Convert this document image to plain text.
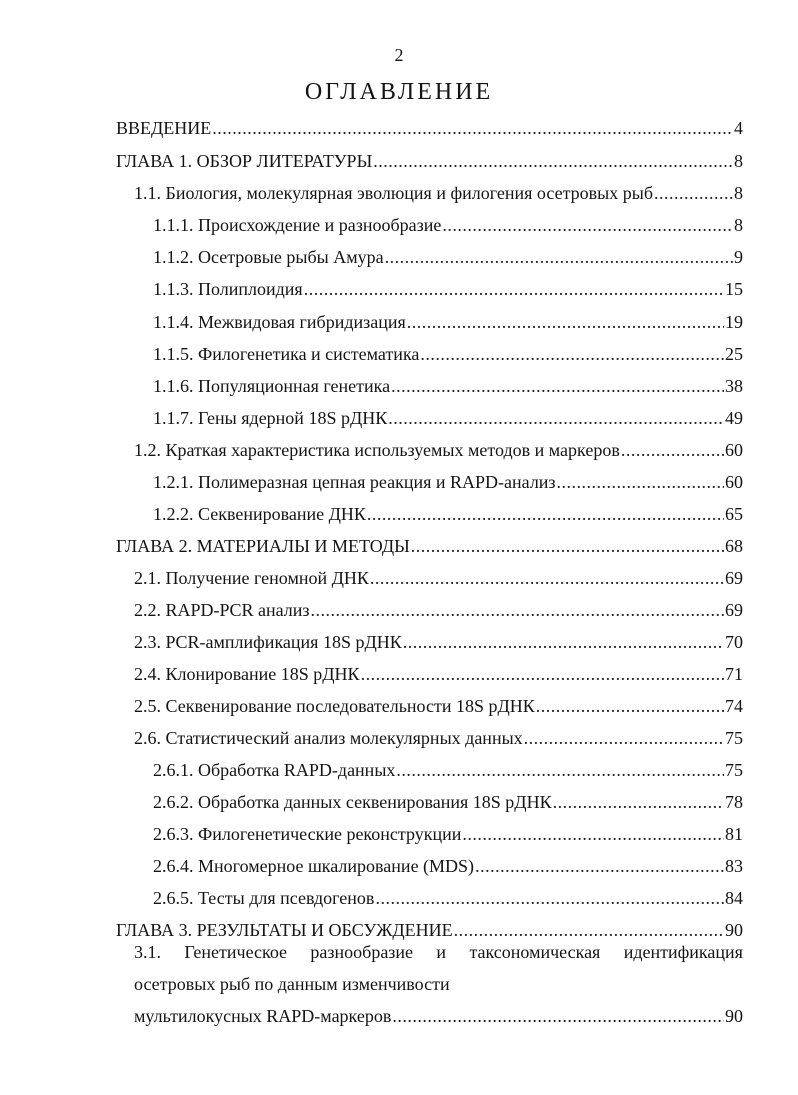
2
ОГЛАВЛЕНИЕ
ВВЕДЕНИЕ .....	4
ГЛАВА 1. ОБЗОР ЛИТЕРАТУРЫ .....	8
1.1. Биология, молекулярная эволюция и филогения осетровых рыб .....	8
1.1.1. Происхождение и разнообразие .....	8
1.1.2. Осетровые рыбы Амура .....	9
1.1.3. Полиплоидия .....	15
1.1.4. Межвидовая гибридизация .....	19
1.1.5. Филогенетика и систематика .....	25
1.1.6. Популяционная генетика .....	38
1.1.7. Гены ядерной 18S рДНК .....	49
1.2. Краткая характеристика используемых методов и маркеров .....	60
1.2.1. Полимеразная цепная реакция и RAPD-анализ .....	60
1.2.2. Секвенирование ДНК .....	65
ГЛАВА 2. МАТЕРИАЛЫ И МЕТОДЫ .....	68
2.1. Получение геномной ДНК .....	69
2.2. RAPD-PCR анализ .....	69
2.3. PCR-амплификация 18S рДНК .....	70
2.4. Клонирование 18S рДНК .....	71
2.5. Секвенирование последовательности 18S рДНК .....	74
2.6. Статистический анализ молекулярных данных .....	75
2.6.1. Обработка RAPD-данных .....	75
2.6.2. Обработка данных секвенирования 18S рДНК .....	78
2.6.3. Филогенетические реконструкции .....	81
2.6.4. Многомерное шкалирование (MDS) .....	83
2.6.5. Тесты для псевдогенов .....	84
ГЛАВА 3. РЕЗУЛЬТАТЫ И ОБСУЖДЕНИЕ .....	90
3.1. Генетическое разнообразие и таксономическая идентификация
осетровых рыб по данным изменчивости
мультилокусных RAPD-маркеров .....	90
